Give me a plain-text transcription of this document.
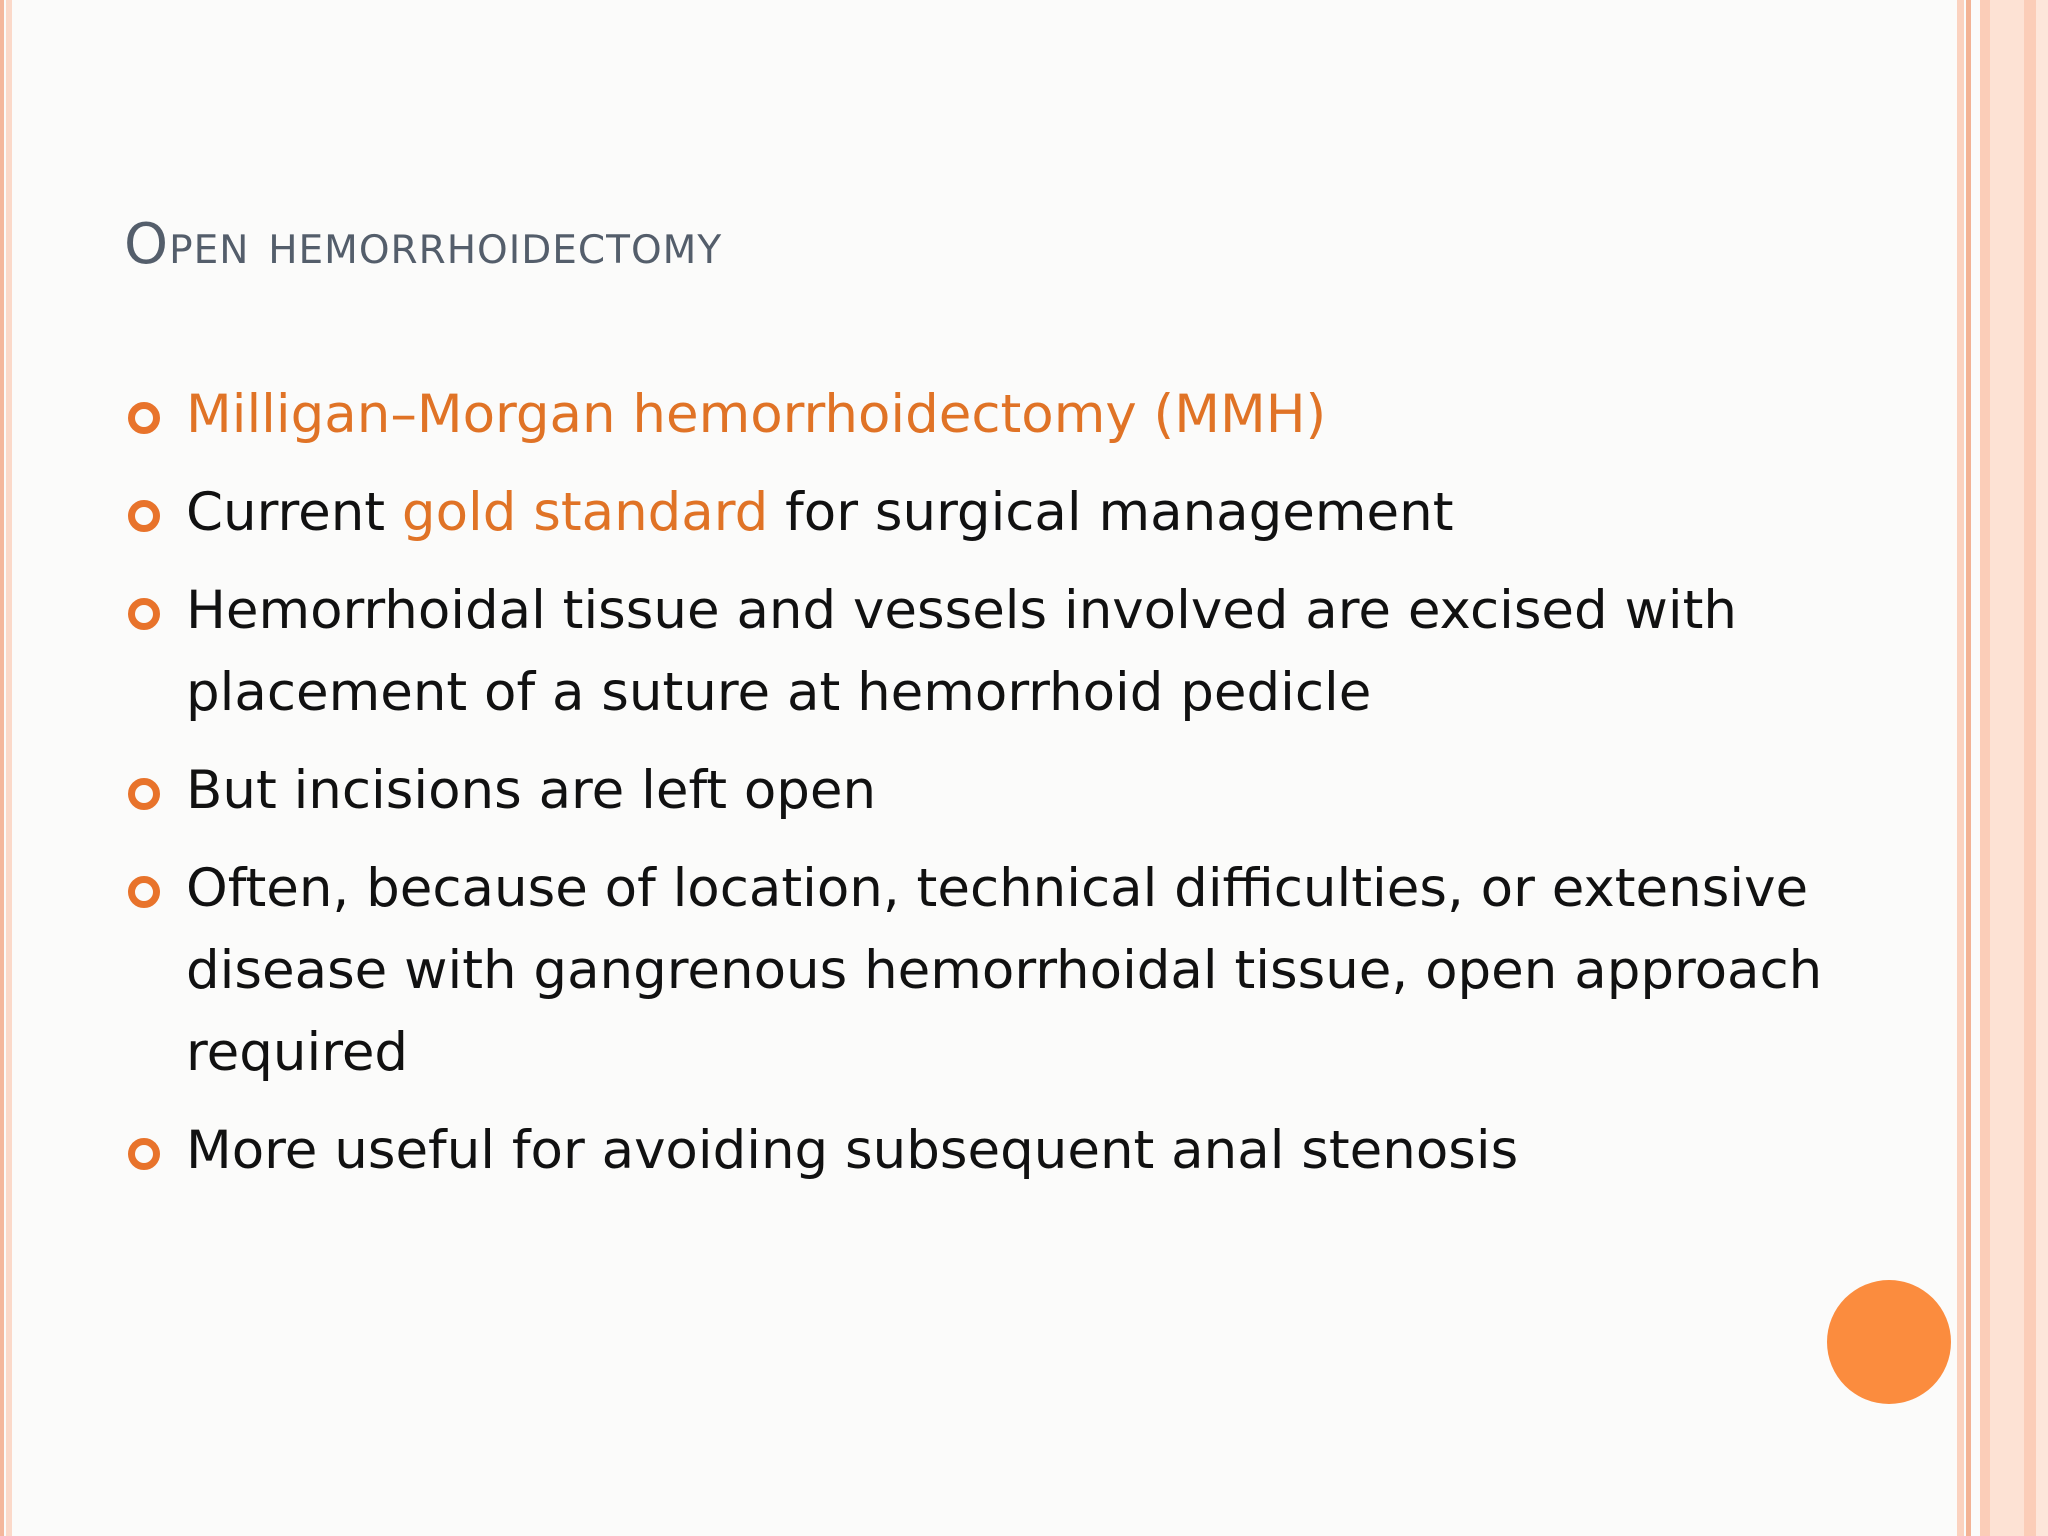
Open hemorrhoidectomy
Milligan–Morgan hemorrhoidectomy (MMH)
Current gold standard for surgical management
Hemorrhoidal tissue and vessels involved are excised with placement of a suture at hemorrhoid pedicle
But incisions are left open
Often, because of location, technical difficulties, or extensive disease with gangrenous hemorrhoidal tissue, open approach required
More useful for avoiding subsequent anal stenosis
